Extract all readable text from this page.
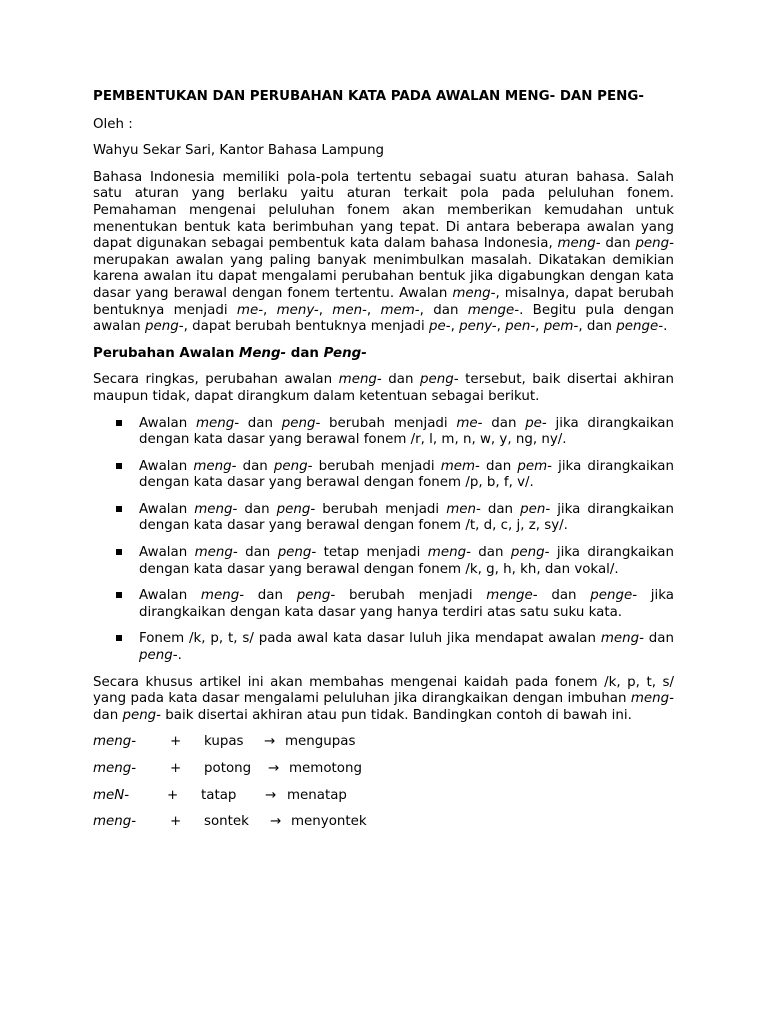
PEMBENTUKAN DAN PERUBAHAN KATA PADA AWALAN MENG- DAN PENG-

Oleh :

Wahyu Sekar Sari, Kantor Bahasa Lampung

Bahasa Indonesia memiliki pola-pola tertentu sebagai suatu aturan bahasa. Salah satu aturan yang berlaku yaitu aturan terkait pola pada peluluhan fonem. Pemahaman mengenai peluluhan fonem akan memberikan kemudahan untuk menentukan bentuk kata berimbuhan yang tepat. Di antara beberapa awalan yang dapat digunakan sebagai pembentuk kata dalam bahasa Indonesia, meng- dan peng- merupakan awalan yang paling banyak menimbulkan masalah. Dikatakan demikian karena awalan itu dapat mengalami perubahan bentuk jika digabungkan dengan kata dasar yang berawal dengan fonem tertentu. Awalan meng-, misalnya, dapat berubah bentuknya menjadi me-, meny-, men-, mem-, dan menge-. Begitu pula dengan awalan peng-, dapat berubah bentuknya menjadi pe-, peny-, pen-, pem-, dan penge-.

Perubahan Awalan Meng- dan Peng-

Secara ringkas, perubahan awalan meng- dan peng- tersebut, baik disertai akhiran maupun tidak, dapat dirangkum dalam ketentuan sebagai berikut.

Awalan meng- dan peng- berubah menjadi me- dan pe- jika dirangkaikan dengan kata dasar yang berawal fonem /r, l, m, n, w, y, ng, ny/.
Awalan meng- dan peng- berubah menjadi mem- dan pem- jika dirangkaikan dengan kata dasar yang berawal dengan fonem /p, b, f, v/.
Awalan meng- dan peng- berubah menjadi men- dan pen- jika dirangkaikan dengan kata dasar yang berawal dengan fonem /t, d, c, j, z, sy/.
Awalan meng- dan peng- tetap menjadi meng- dan peng- jika dirangkaikan dengan kata dasar yang berawal dengan fonem /k, g, h, kh, dan vokal/.
Awalan meng- dan peng- berubah menjadi menge- dan penge- jika dirangkaikan dengan kata dasar yang hanya terdiri atas satu suku kata.
Fonem /k, p, t, s/ pada awal kata dasar luluh jika mendapat awalan meng- dan peng-.

Secara khusus artikel ini akan membahas mengenai kaidah pada fonem /k, p, t, s/ yang pada kata dasar mengalami peluluhan jika dirangkaikan dengan imbuhan meng- dan peng- baik disertai akhiran atau pun tidak. Bandingkan contoh di bawah ini.

meng-	+ kupas → mengupas
meng-	+ potong → memotong
meN-	+ tatap → menatap
meng-	+ sontek → menyontek
